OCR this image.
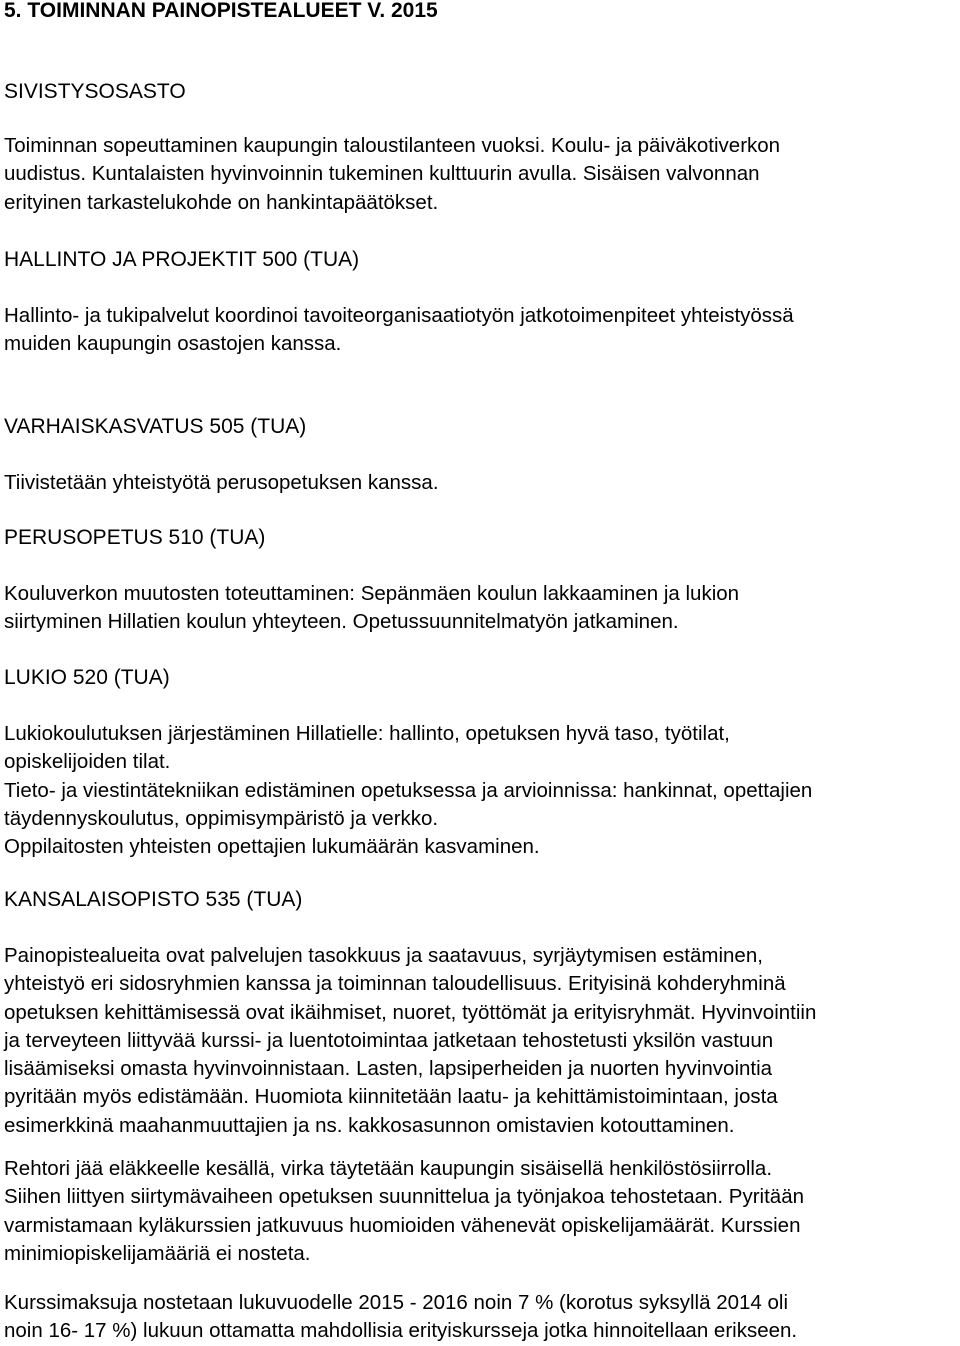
5. TOIMINNAN PAINOPISTEALUEET V. 2015
SIVISTYSOSASTO

Toiminnan sopeuttaminen kaupungin taloustilanteen vuoksi. Koulu- ja päiväkotiverkon
uudistus. Kuntalaisten hyvinvoinnin tukeminen kulttuurin avulla. Sisäisen valvonnan
erityinen tarkastelukohde on hankintapäätökset.

HALLINTO JA PROJEKTIT 500 (TUA)

Hallinto- ja tukipalvelut koordinoi tavoiteorganisaatiotyön jatkotoimenpiteet yhteistyössä
muiden kaupungin osastojen kanssa.

VARHAISKASVATUS 505 (TUA)

Tiivistetään yhteistyötä perusopetuksen kanssa.

PERUSOPETUS 510 (TUA)

Kouluverkon muutosten toteuttaminen: Sepänmäen koulun lakkaaminen ja lukion
siirtyminen Hillatien koulun yhteyteen. Opetussuunnitelmatyön jatkaminen.

LUKIO 520 (TUA)

Lukiokoulutuksen järjestäminen Hillatielle: hallinto, opetuksen hyvä taso, työtilat,
opiskelijoiden tilat.
Tieto- ja viestintätekniikan edistäminen opetuksessa ja arvioinnissa: hankinnat, opettajien
täydennyskoulutus, oppimisympäristö ja verkko.
Oppilaitosten yhteisten opettajien lukumäärän kasvaminen.

KANSALAISOPISTO 535 (TUA)

Painopistealueita ovat palvelujen tasokkuus ja saatavuus, syrjäytymisen estäminen,
yhteistyö eri sidosryhmien kanssa ja toiminnan taloudellisuus. Erityisinä kohderyhminä
opetuksen kehittämisessä ovat ikäihmiset, nuoret, työttömät ja erityisryhmät. Hyvinvointiin
ja terveyteen liittyvää kurssi- ja luentotoimintaa jatketaan tehostetusti yksilön vastuun
lisäämiseksi omasta hyvinvoinnistaan. Lasten, lapsiperheiden ja nuorten hyvinvointia
pyritään myös edistämään. Huomiota kiinnitetään laatu- ja kehittämistoimintaan, josta
esimerkkinä maahanmuuttajien ja ns. kakkosasunnon omistavien kotouttaminen.

Rehtori jää eläkkeelle kesällä, virka täytetään kaupungin sisäisellä henkilöstösiirrolla.
Siihen liittyen siirtymävaiheen opetuksen suunnittelua ja työnjakoa tehostetaan. Pyritään
varmistamaan kyläkurssien jatkuvuus huomioiden vähenevät opiskelijamäärät. Kurssien
minimiopiskelijamääriä ei nosteta.

Kurssimaksuja nostetaan lukuvuodelle 2015 - 2016 noin 7 % (korotus syksyllä 2014 oli
noin 16- 17 %) lukuun ottamatta mahdollisia erityiskursseja jotka hinnoitellaan erikseen.
